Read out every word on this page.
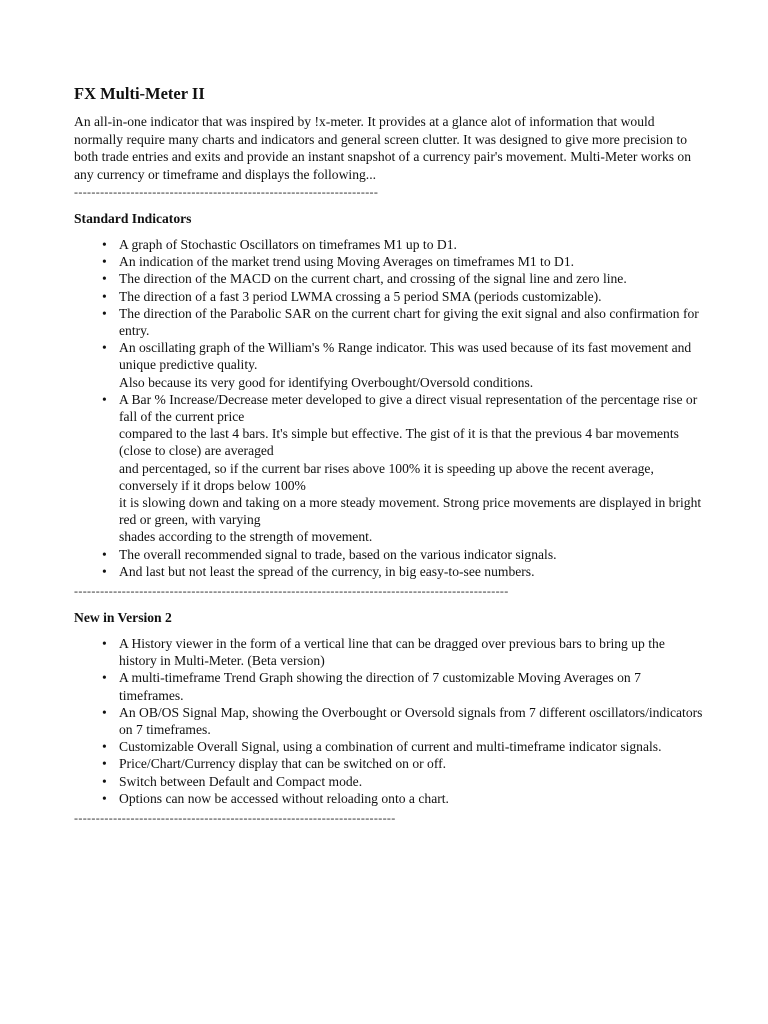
FX Multi-Meter II

An all-in-one indicator that was inspired by !x-meter. It provides at a glance alot of information that would normally require many charts and indicators and general screen clutter. It was designed to give more precision to both trade entries and exits and provide an instant snapshot of a currency pair's movement. Multi-Meter works on any currency or timeframe and displays the following...

----------------------------------------------------------------------
Standard Indicators
• A graph of Stochastic Oscillators on timeframes M1 up to D1.
• An indication of the market trend using Moving Averages on timeframes M1 to D1.
• The direction of the MACD on the current chart, and crossing of the signal line and zero line.
• The direction of a fast 3 period LWMA crossing a 5 period SMA (periods customizable).
• The direction of the Parabolic SAR on the current chart for giving the exit signal and also confirmation for entry.
• An oscillating graph of the William's % Range indicator. This was used because of its fast movement and unique predictive quality.
Also because its very good for identifying Overbought/Oversold conditions.
• A Bar % Increase/Decrease meter developed to give a direct visual representation of the percentage rise or fall of the current price
compared to the last 4 bars. It's simple but effective. The gist of it is that the previous 4 bar movements (close to close) are averaged
and percentaged, so if the current bar rises above 100% it is speeding up above the recent average, conversely if it drops below 100%
it is slowing down and taking on a more steady movement. Strong price movements are displayed in bright red or green, with varying
shades according to the strength of movement.
• The overall recommended signal to trade, based on the various indicator signals.
• And last but not least the spread of the currency, in big easy-to-see numbers.
----------------------------------------------------------------------------------------------------
New in Version 2
• A History viewer in the form of a vertical line that can be dragged over previous bars to bring up the history in Multi-Meter. (Beta version)
• A multi-timeframe Trend Graph showing the direction of 7 customizable Moving Averages on 7 timeframes.
• An OB/OS Signal Map, showing the Overbought or Oversold signals from 7 different oscillators/indicators on 7 timeframes.
• Customizable Overall Signal, using a combination of current and multi-timeframe indicator signals.
• Price/Chart/Currency display that can be switched on or off.
• Switch between Default and Compact mode.
• Options can now be accessed without reloading onto a chart.
--------------------------------------------------------------------------
